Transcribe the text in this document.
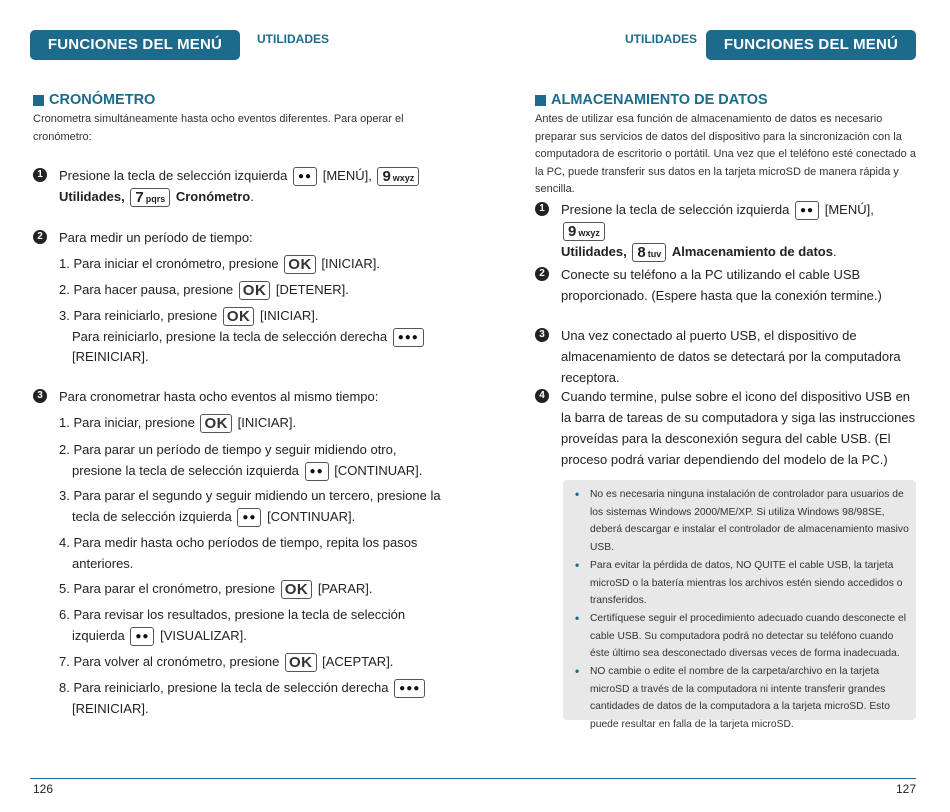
FUNCIONES DEL MENÚ	UTILIDADES
CRONÓMETRO
Cronometra simultáneamente hasta ocho eventos diferentes. Para operar el cronómetro:
1	Presione la tecla de selección izquierda ●● [MENÚ], 9 wxyz
Utilidades, 7 pqrs Cronómetro.
2	Para medir un período de tiempo:
1. Para iniciar el cronómetro, presione OK [INICIAR].
2. Para hacer pausa, presione OK [DETENER].
3. Para reiniciarlo, presione OK [INICIAR].
Para reiniciarlo, presione la tecla de selección derecha ●●●
[REINICIAR].
3	Para cronometrar hasta ocho eventos al mismo tiempo:
1. Para iniciar, presione OK [INICIAR].
2. Para parar un período de tiempo y seguir midiendo otro,
presione la tecla de selección izquierda ●● [CONTINUAR].
3. Para parar el segundo y seguir midiendo un tercero, presione la
tecla de selección izquierda ●● [CONTINUAR].
4. Para medir hasta ocho períodos de tiempo, repita los pasos
anteriores.
5. Para parar el cronómetro, presione OK [PARAR].
6. Para revisar los resultados, presione la tecla de selección
izquierda ●● [VISUALIZAR].
7. Para volver al cronómetro, presione OK [ACEPTAR].
8. Para reiniciarlo, presione la tecla de selección derecha ●●●
[REINICIAR].
126
UTILIDADES	FUNCIONES DEL MENÚ
ALMACENAMIENTO DE DATOS
Antes de utilizar esa función de almacenamiento de datos es necesario preparar sus servicios de datos del dispositivo para la sincronización con la computadora de escritorio o portátil. Una vez que el teléfono esté conectado a la PC, puede transferir sus datos en la tarjeta microSD de manera rápida y sencilla.
1	Presione la tecla de selección izquierda ●● [MENÚ], 9 wxyz
Utilidades, 8 tuv Almacenamiento de datos.
2	Conecte su teléfono a la PC utilizando el cable USB proporcionado. (Espere hasta que la conexión termine.)
3	Una vez conectado al puerto USB, el dispositivo de almacenamiento de datos se detectará por la computadora receptora.
4	Cuando termine, pulse sobre el icono del dispositivo USB en la barra de tareas de su computadora y siga las instrucciones proveídas para la desconexión segura del cable USB. (El proceso podrá variar dependiendo del modelo de la PC.)
• No es necesaria ninguna instalación de controlador para usuarios de los sistemas Windows 2000/ME/XP. Si utiliza Windows 98/98SE, deberá descargar e instalar el controlador de almacenamiento masivo USB.
• Para evitar la pérdida de datos, NO QUITE el cable USB, la tarjeta microSD o la batería mientras los archivos estén siendo accedidos o transferidos.
• Certifíquese seguir el procedimiento adecuado cuando desconecte el cable USB. Su computadora podrá no detectar su teléfono cuando éste último sea desconectado diversas veces de forma inadecuada.
• NO cambie o edite el nombre de la carpeta/archivo en la tarjeta microSD a través de la computadora ni intente transferir grandes cantidades de datos de la computadora a la tarjeta microSD. Esto puede resultar en falla de la tarjeta microSD.
127
